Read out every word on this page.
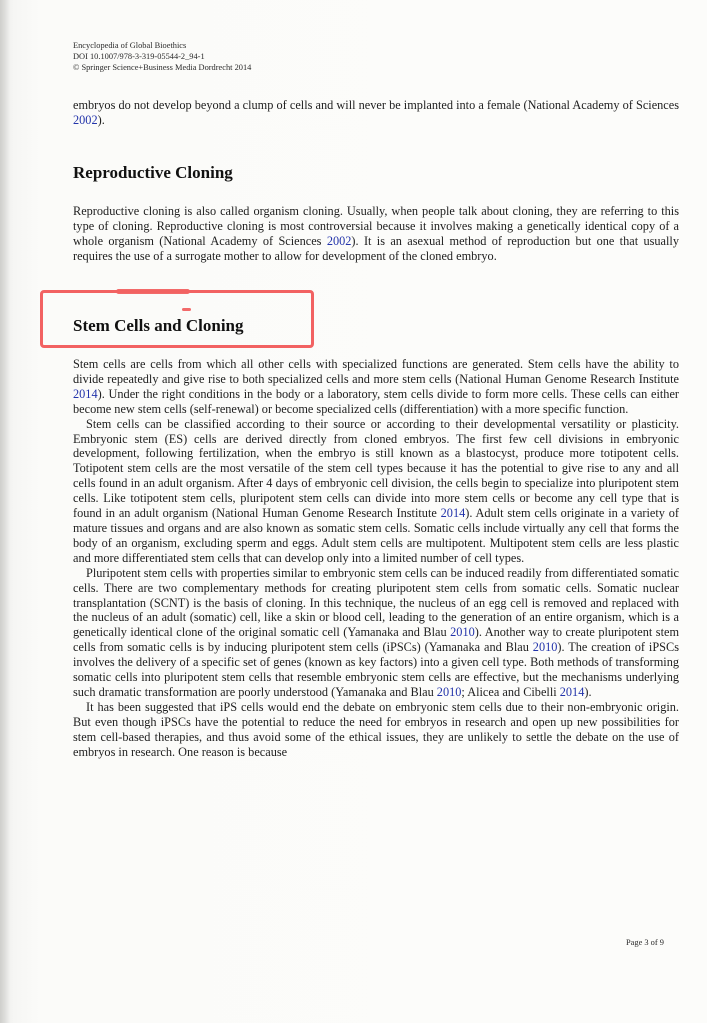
Encyclopedia of Global Bioethics
DOI 10.1007/978-3-319-05544-2_94-1
© Springer Science+Business Media Dordrecht 2014

embryos do not develop beyond a clump of cells and will never be implanted into a female (National Academy of Sciences 2002).

Reproductive Cloning

Reproductive cloning is also called organism cloning. Usually, when people talk about cloning, they are referring to this type of cloning. Reproductive cloning is most controversial because it involves making a genetically identical copy of a whole organism (National Academy of Sciences 2002). It is an asexual method of reproduction but one that usually requires the use of a surrogate mother to allow for development of the cloned embryo.

Stem Cells and Cloning

Stem cells are cells from which all other cells with specialized functions are generated. Stem cells have the ability to divide repeatedly and give rise to both specialized cells and more stem cells (National Human Genome Research Institute 2014). Under the right conditions in the body or a laboratory, stem cells divide to form more cells. These cells can either become new stem cells (self-renewal) or become specialized cells (differentiation) with a more specific function.

Stem cells can be classified according to their source or according to their developmental versatility or plasticity. Embryonic stem (ES) cells are derived directly from cloned embryos. The first few cell divisions in embryonic development, following fertilization, when the embryo is still known as a blastocyst, produce more totipotent cells. Totipotent stem cells are the most versatile of the stem cell types because it has the potential to give rise to any and all cells found in an adult organism. After 4 days of embryonic cell division, the cells begin to specialize into pluripotent stem cells. Like totipotent stem cells, pluripotent stem cells can divide into more stem cells or become any cell type that is found in an adult organism (National Human Genome Research Institute 2014). Adult stem cells originate in a variety of mature tissues and organs and are also known as somatic stem cells. Somatic cells include virtually any cell that forms the body of an organism, excluding sperm and eggs. Adult stem cells are multipotent. Multipotent stem cells are less plastic and more differentiated stem cells that can develop only into a limited number of cell types.

Pluripotent stem cells with properties similar to embryonic stem cells can be induced readily from differentiated somatic cells. There are two complementary methods for creating pluripotent stem cells from somatic cells. Somatic nuclear transplantation (SCNT) is the basis of cloning. In this technique, the nucleus of an egg cell is removed and replaced with the nucleus of an adult (somatic) cell, like a skin or blood cell, leading to the generation of an entire organism, which is a genetically identical clone of the original somatic cell (Yamanaka and Blau 2010). Another way to create pluripotent stem cells from somatic cells is by inducing pluripotent stem cells (iPSCs) (Yamanaka and Blau 2010). The creation of iPSCs involves the delivery of a specific set of genes (known as key factors) into a given cell type. Both methods of transforming somatic cells into pluripotent stem cells that resemble embryonic stem cells are effective, but the mechanisms underlying such dramatic transformation are poorly understood (Yamanaka and Blau 2010; Alicea and Cibelli 2014).

It has been suggested that iPS cells would end the debate on embryonic stem cells due to their non-embryonic origin. But even though iPSCs have the potential to reduce the need for embryos in research and open up new possibilities for stem cell-based therapies, and thus avoid some of the ethical issues, they are unlikely to settle the debate on the use of embryos in research. One reason is because

Page 3 of 9
